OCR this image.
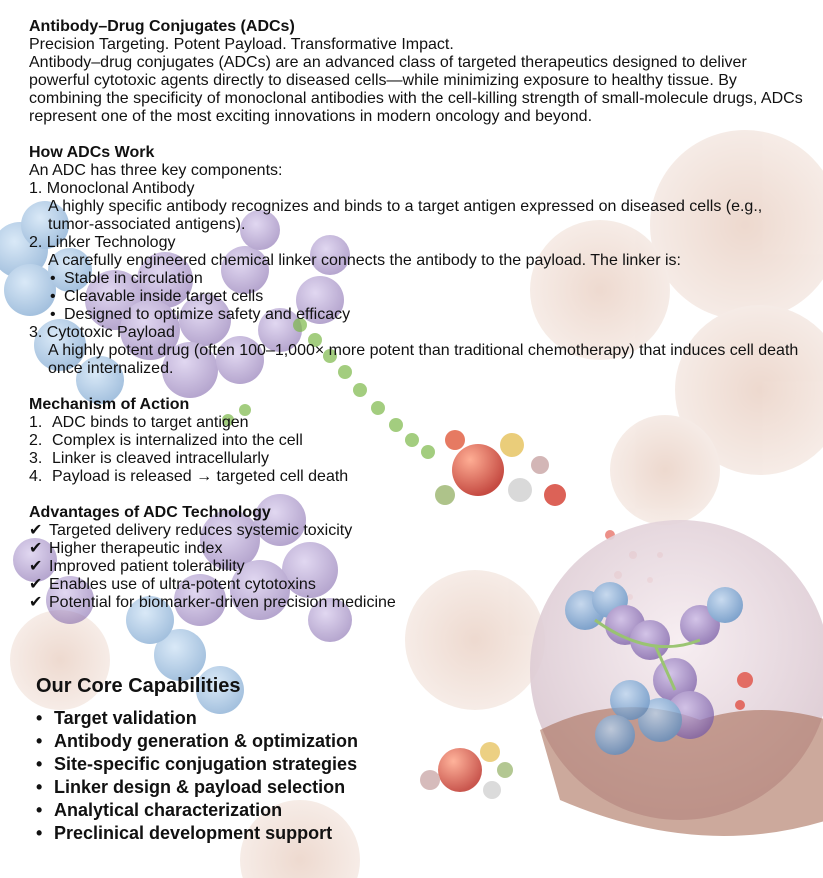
Antibody–Drug Conjugates (ADCs)

Precision Targeting. Potent Payload. Transformative Impact.

Antibody–drug conjugates (ADCs) are an advanced class of targeted therapeutics designed to deliver powerful cytotoxic agents directly to diseased cells—while minimizing exposure to healthy tissue. By combining the specificity of monoclonal antibodies with the cell-killing strength of small-molecule drugs, ADCs represent one of the most exciting innovations in modern oncology and beyond.

How ADCs Work

An ADC has three key components:

1. Monoclonal Antibody

A highly specific antibody recognizes and binds to a target antigen expressed on diseased cells (e.g., tumor-associated antigens).

2. Linker Technology

A carefully engineered chemical linker connects the antibody to the payload. The linker is:

• Stable in circulation
• Cleavable inside target cells
• Designed to optimize safety and efficacy

3. Cytotoxic Payload

A highly potent drug (often 100–1,000× more potent than traditional chemotherapy) that induces cell death once internalized.

Mechanism of Action

1. ADC binds to target antigen
2. Complex is internalized into the cell
3. Linker is cleaved intracellularly
4. Payload is released → targeted cell death

Advantages of ADC Technology

✔ Targeted delivery reduces systemic toxicity
✔ Higher therapeutic index
✔ Improved patient tolerability
✔ Enables use of ultra-potent cytotoxins
✔ Potential for biomarker-driven precision medicine

Our Core Capabilities

• Target validation
• Antibody generation & optimization
• Site-specific conjugation strategies
• Linker design & payload selection
• Analytical characterization
• Preclinical development support
